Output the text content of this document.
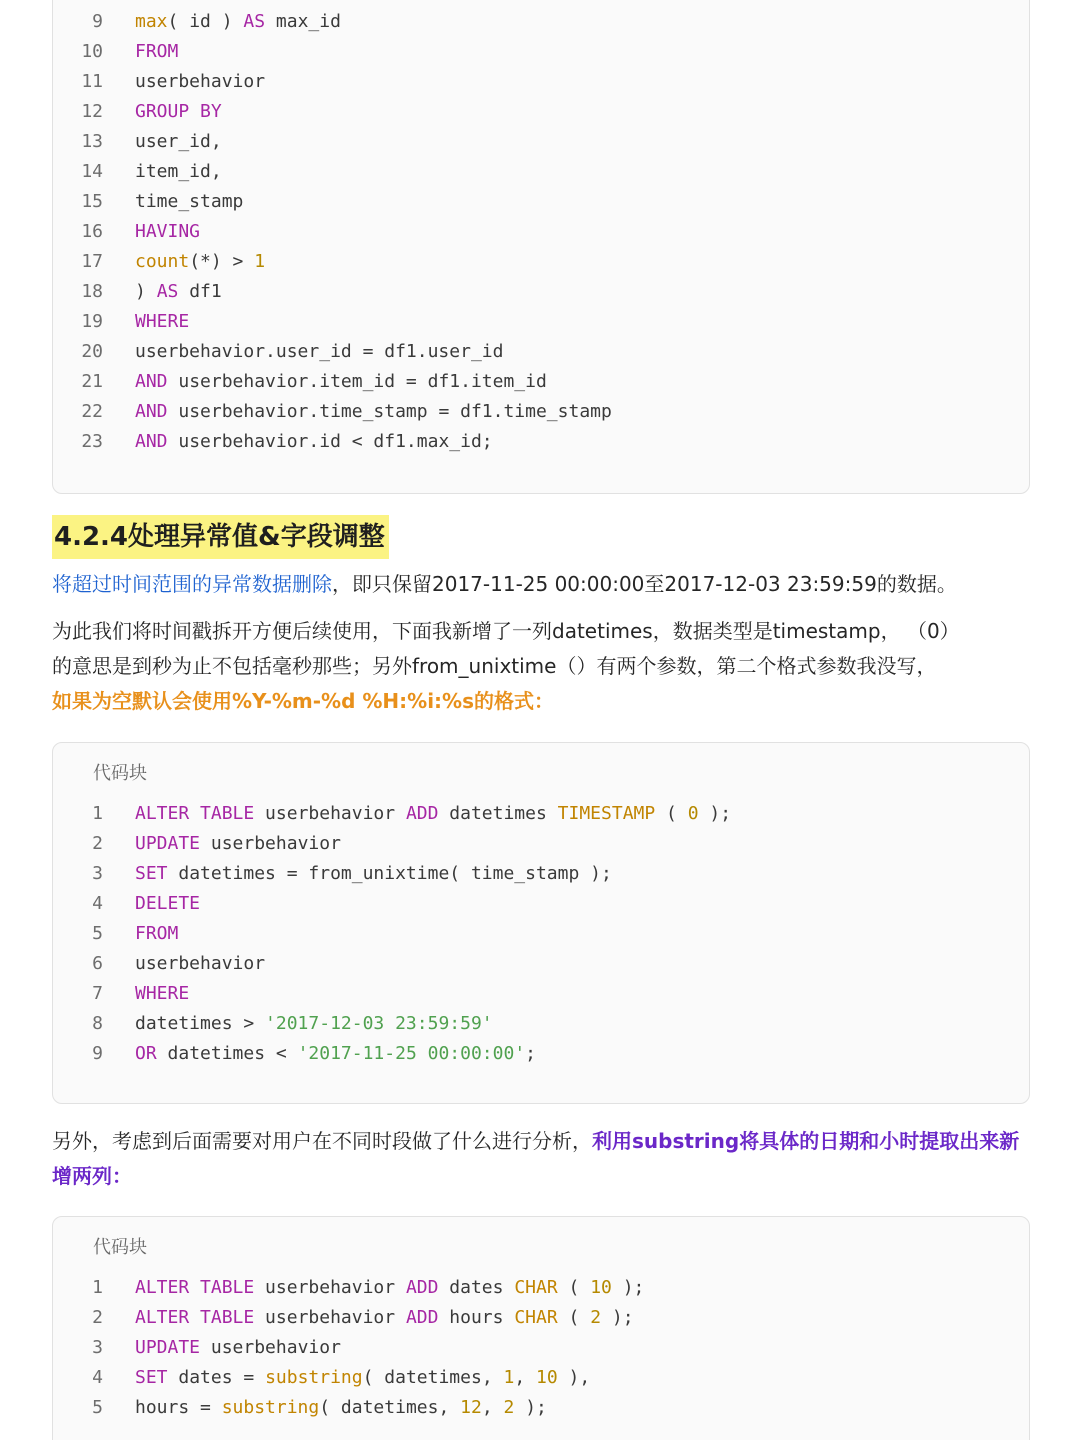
9 max( id ) AS max_id
10 FROM
11 userbehavior
12 GROUP BY
13 user_id,
14 item_id,
15 time_stamp
16 HAVING
17 count(*) > 1
18 ) AS df1
19 WHERE
20 userbehavior.user_id = df1.user_id
21 AND userbehavior.item_id = df1.item_id
22 AND userbehavior.time_stamp = df1.time_stamp
23 AND userbehavior.id < df1.max_id;
4.2.4处理异常值&字段调整
将超过时间范围的异常数据删除，即只保留2017-11-25 00:00:00至2017-12-03 23:59:59的数据。
为此我们将时间戳拆开方便后续使用，下面我新增了一列datetimes，数据类型是timestamp， （0）
的意思是到秒为止不包括毫秒那些；另外from_unixtime（）有两个参数，第二个格式参数我没写，
如果为空默认会使用%Y-%m-%d %H:%i:%s的格式：
代码块
1 ALTER TABLE userbehavior ADD datetimes TIMESTAMP ( 0 );
2 UPDATE userbehavior
3 SET datetimes = from_unixtime( time_stamp );
4 DELETE
5 FROM
6 userbehavior
7 WHERE
8 datetimes > '2017-12-03 23:59:59'
9 OR datetimes < '2017-11-25 00:00:00';
另外，考虑到后面需要对用户在不同时段做了什么进行分析，利用substring将具体的日期和小时提取出来新增两列：
代码块
1 ALTER TABLE userbehavior ADD dates CHAR ( 10 );
2 ALTER TABLE userbehavior ADD hours CHAR ( 2 );
3 UPDATE userbehavior
4 SET dates = substring( datetimes, 1, 10 ),
5 hours = substring( datetimes, 12, 2 );
